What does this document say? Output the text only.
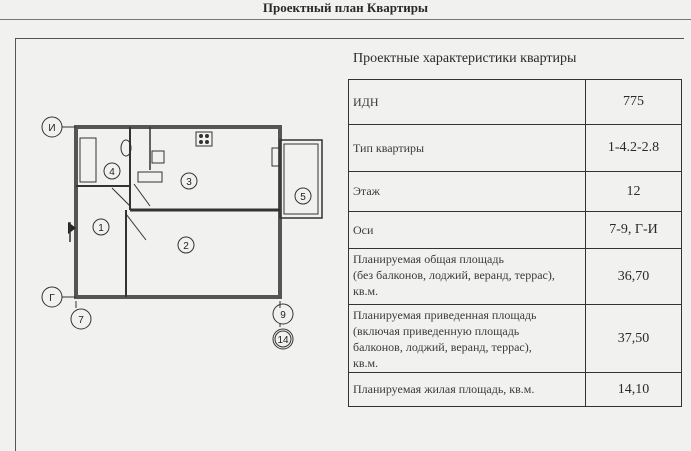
Проектный план Квартиры
Проектные характеристики квартиры
ИДН	775
Тип квартиры	1-4.2-2.8
Этаж	12
Оси	7-9, Г-И

Планируемая общая площадь
(без балконов, лоджий, веранд, террас),
кв.м.	36,70

Планируемая приведенная площадь
(включая приведенную площадь
балконов, лоджий, веранд, террас),
кв.м.	37,50
Планируемая жилая площадь, кв.м.	14,10
И
Г
7	9
14
1
2
3
4
5
